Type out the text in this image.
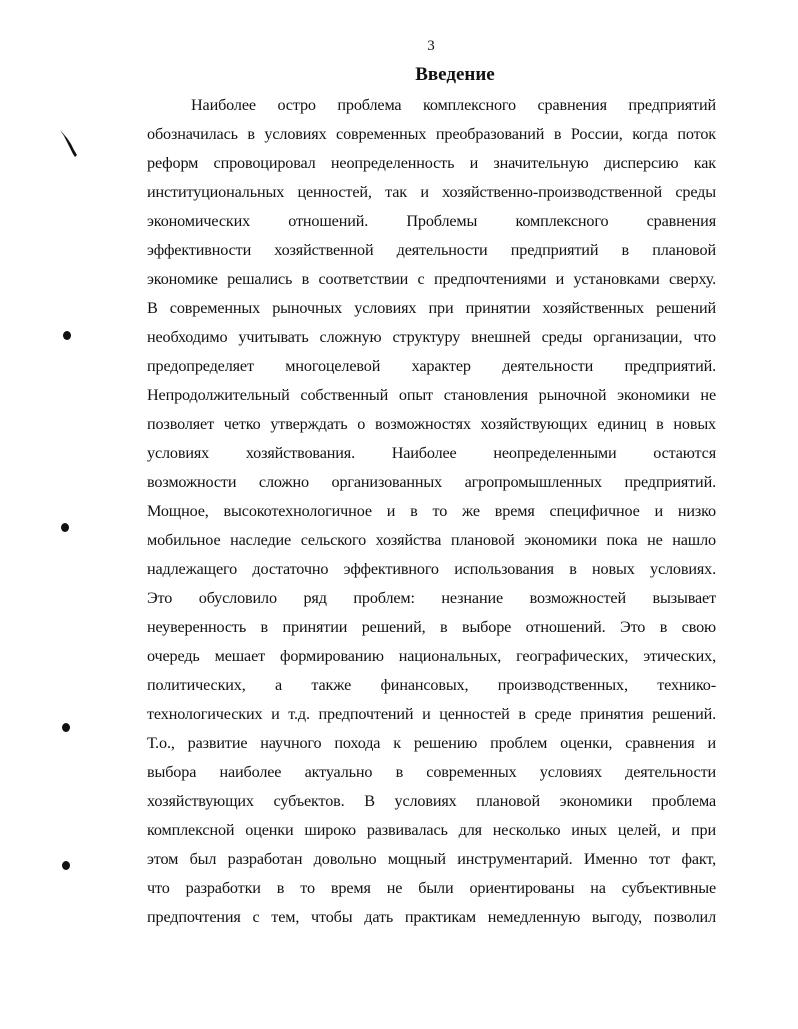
3
Введение
Наиболее остро проблема комплексного сравнения предприятий
обозначилась в условиях современных преобразований в России, когда поток
реформ спровоцировал неопределенность и значительную дисперсию как
институциональных ценностей, так и хозяйственно-производственной среды
экономических отношений. Проблемы комплексного сравнения
эффективности хозяйственной деятельности предприятий в плановой
экономике решались в соответствии с предпочтениями и установками сверху.
В современных рыночных условиях при принятии хозяйственных решений
необходимо учитывать сложную структуру внешней среды организации, что
предопределяет многоцелевой характер деятельности предприятий.
Непродолжительный собственный опыт становления рыночной экономики не
позволяет четко утверждать о возможностях хозяйствующих единиц в новых
условиях хозяйствования. Наиболее неопределенными остаются
возможности сложно организованных агропромышленных предприятий.
Мощное, высокотехнологичное и в то же время специфичное и низко
мобильное наследие сельского хозяйства плановой экономики пока не нашло
надлежащего достаточно эффективного использования в новых условиях.
Это обусловило ряд проблем: незнание возможностей вызывает
неуверенность в принятии решений, в выборе отношений. Это в свою
очередь мешает формированию национальных, географических, этических,
политических, а также финансовых, производственных, технико-
технологических и т.д. предпочтений и ценностей в среде принятия решений.
Т.о., развитие научного похода к решению проблем оценки, сравнения и
выбора наиболее актуально в современных условиях деятельности
хозяйствующих субъектов. В условиях плановой экономики проблема
комплексной оценки широко развивалась для несколько иных целей, и при
этом был разработан довольно мощный инструментарий. Именно тот факт,
что разработки в то время не были ориентированы на субъективные
предпочтения с тем, чтобы дать практикам немедленную выгоду, позволил
